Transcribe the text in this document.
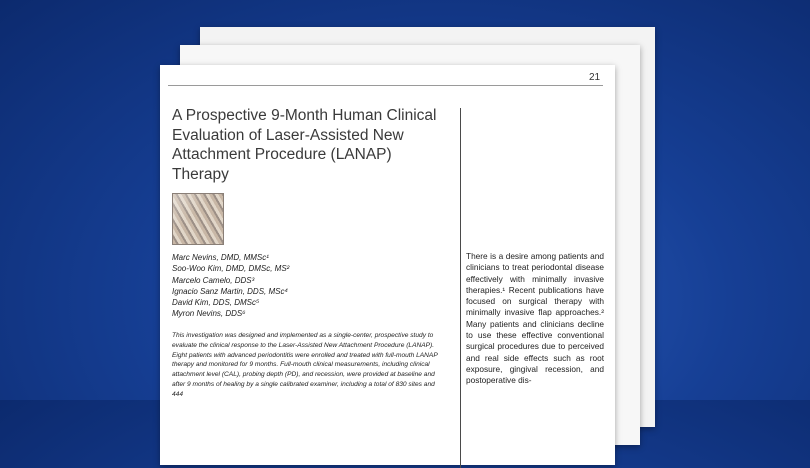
21
A Prospective 9-Month Human Clinical Evaluation of Laser-Assisted New Attachment Procedure (LANAP) Therapy
Marc Nevins, DMD, MMSc¹
Soo-Woo Kim, DMD, DMSc, MS²
Marcelo Camelo, DDS³
Ignacio Sanz Martin, DDS, MSc⁴
David Kim, DDS, DMSc⁵
Myron Nevins, DDS⁶

This investigation was designed and implemented as a single-center, prospective study to evaluate the clinical response to the Laser-Assisted New Attachment Procedure (LANAP). Eight patients with advanced periodontitis were enrolled and treated with full-mouth LANAP therapy and monitored for 9 months. Full-mouth clinical measurements, including clinical attachment level (CAL), probing depth (PD), and recession, were provided at baseline and after 9 months of healing by a single calibrated examiner, including a total of 830 sites and 444

There is a desire among patients and clinicians to treat periodontal disease effectively with minimally invasive therapies.¹ Recent publications have focused on surgical therapy with minimally invasive flap approaches.² Many patients and clinicians decline to use these effective conventional surgical procedures due to perceived and real side effects such as root exposure, gingival recession, and postoperative dis-
